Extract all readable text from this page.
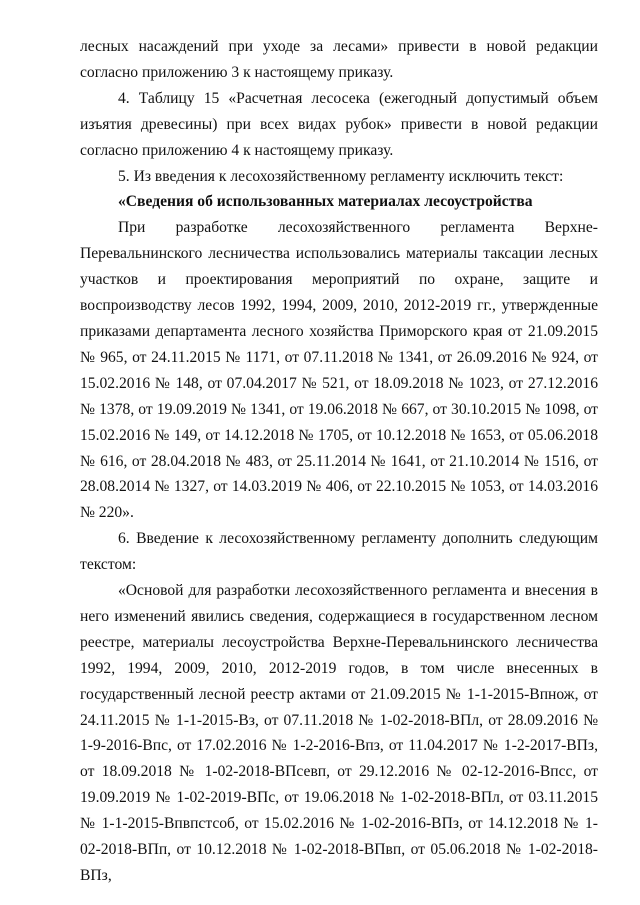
лесных насаждений при уходе за лесами» привести в новой редакции согласно приложению 3 к настоящему приказу.

4. Таблицу 15 «Расчетная лесосека (ежегодный допустимый объем изъятия древесины) при всех видах рубок» привести в новой редакции согласно приложению 4 к настоящему приказу.

5. Из введения к лесохозяйственному регламенту исключить текст:

«Сведения об использованных материалах лесоустройства

При разработке лесохозяйственного регламента Верхне-Перевальнинского лесничества использовались материалы таксации лесных участков и проектирования мероприятий по охране, защите и воспроизводству лесов 1992, 1994, 2009, 2010, 2012-2019 гг., утвержденные приказами департамента лесного хозяйства Приморского края от 21.09.2015 № 965, от 24.11.2015 № 1171, от 07.11.2018 № 1341, от 26.09.2016 № 924, от 15.02.2016 № 148, от 07.04.2017 № 521, от 18.09.2018 № 1023, от 27.12.2016 № 1378, от 19.09.2019 № 1341, от 19.06.2018 № 667, от 30.10.2015 № 1098, от 15.02.2016 № 149, от 14.12.2018 № 1705, от 10.12.2018 № 1653, от 05.06.2018 № 616, от 28.04.2018 № 483, от 25.11.2014 № 1641, от 21.10.2014 № 1516, от 28.08.2014 № 1327, от 14.03.2019 № 406, от 22.10.2015 № 1053, от 14.03.2016 № 220».

6. Введение к лесохозяйственному регламенту дополнить следующим текстом:

«Основой для разработки лесохозяйственного регламента и внесения в него изменений явились сведения, содержащиеся в государственном лесном реестре, материалы лесоустройства Верхне-Перевальнинского лесничества 1992, 1994, 2009, 2010, 2012-2019 годов, в том числе внесенных в государственный лесной реестр актами от 21.09.2015 № 1-1-2015-Впнож, от 24.11.2015 № 1-1-2015-Вз, от 07.11.2018 № 1-02-2018-ВПл, от 28.09.2016 № 1-9-2016-Впс, от 17.02.2016 № 1-2-2016-Впз, от 11.04.2017 № 1-2-2017-ВПз, от 18.09.2018 № 1-02-2018-ВПсевп, от 29.12.2016 № 02-12-2016-Впсс, от 19.09.2019 № 1-02-2019-ВПс, от 19.06.2018 № 1-02-2018-ВПл, от 03.11.2015 № 1-1-2015-Впвпстсоб, от 15.02.2016 № 1-02-2016-ВПз, от 14.12.2018 № 1-02-2018-ВПп, от 10.12.2018 № 1-02-2018-ВПвп, от 05.06.2018 № 1-02-2018-ВПз,
